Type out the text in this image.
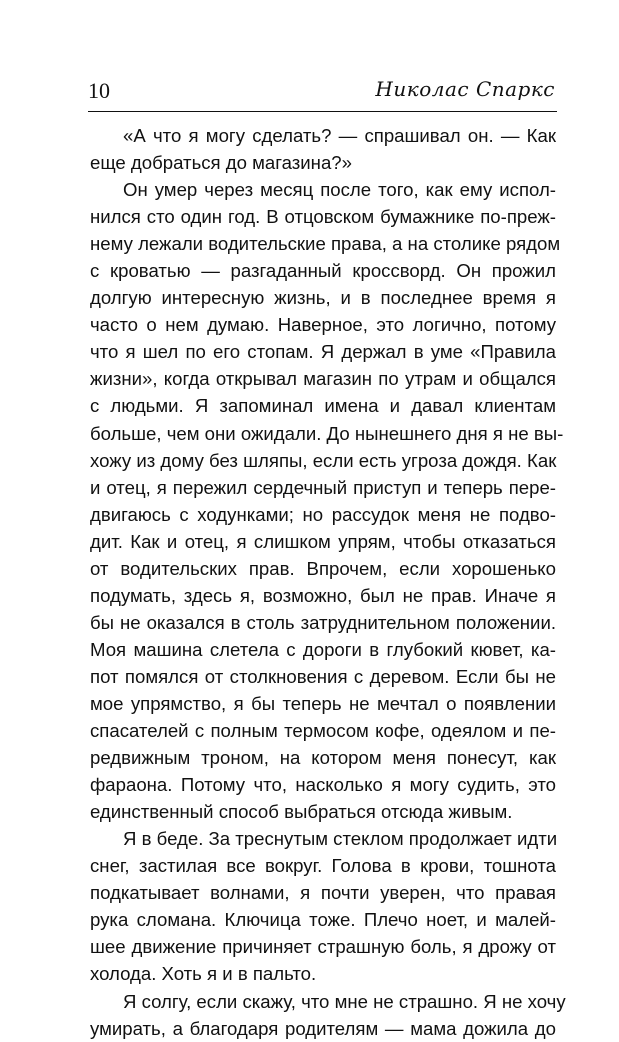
10	Николас Спаркс

«А что я могу сделать? — спрашивал он. — Как
еще добраться до магазина?»

Он умер через месяц после того, как ему испол-
нился сто один год. В отцовском бумажнике по-преж-
нему лежали водительские права, а на столике рядом
с кроватью — разгаданный кроссворд. Он прожил
долгую интересную жизнь, и в последнее время я
часто о нем думаю. Наверное, это логично, потому
что я шел по его стопам. Я держал в уме «Правила
жизни», когда открывал магазин по утрам и общался
с людьми. Я запоминал имена и давал клиентам
больше, чем они ожидали. До нынешнего дня я не вы-
хожу из дому без шляпы, если есть угроза дождя. Как
и отец, я пережил сердечный приступ и теперь пере-
двигаюсь с ходунками; но рассудок меня не подво-
дит. Как и отец, я слишком упрям, чтобы отказаться
от водительских прав. Впрочем, если хорошенько
подумать, здесь я, возможно, был не прав. Иначе я
бы не оказался в столь затруднительном положении.
Моя машина слетела с дороги в глубокий кювет, ка-
пот помялся от столкновения с деревом. Если бы не
мое упрямство, я бы теперь не мечтал о появлении
спасателей с полным термосом кофе, одеялом и пе-
редвижным троном, на котором меня понесут, как
фараона. Потому что, насколько я могу судить, это
единственный способ выбраться отсюда живым.

Я в беде. За треснутым стеклом продолжает идти
снег, застилая все вокруг. Голова в крови, тошнота
подкатывает волнами, я почти уверен, что правая
рука сломана. Ключица тоже. Плечо ноет, и малей-
шее движение причиняет страшную боль, я дрожу от
холода. Хоть я и в пальто.

Я солгу, если скажу, что мне не страшно. Я не хочу
умирать, а благодаря родителям — мама дожила до
